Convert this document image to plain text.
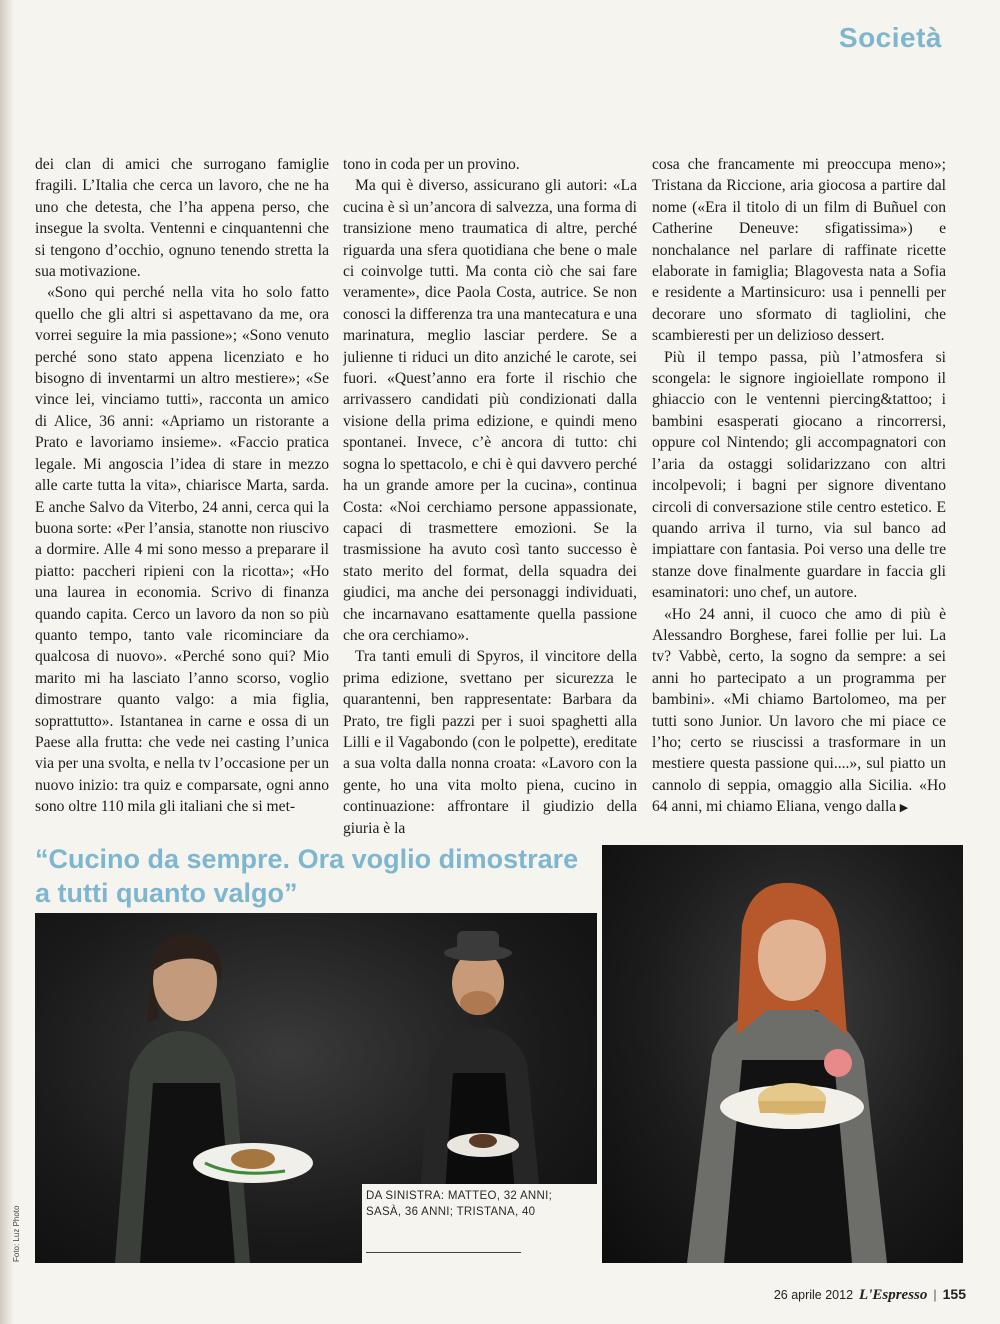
Società

dei clan di amici che surrogano famiglie fragili. L’Italia che cerca un lavoro, che ne ha uno che detesta, che l’ha appena perso, che insegue la svolta. Ventenni e cinquantenni che si tengono d’occhio, ognuno tenendo stretta la sua motivazione.

«Sono qui perché nella vita ho solo fatto quello che gli altri si aspettavano da me, ora vorrei seguire la mia passione»; «Sono venuto perché sono stato appena licenziato e ho bisogno di inventarmi un altro mestiere»; «Se vince lei, vinciamo tutti», racconta un amico di Alice, 36 anni: «Apriamo un ristorante a Prato e lavoriamo insieme». «Faccio pratica legale. Mi angoscia l’idea di stare in mezzo alle carte tutta la vita», chiarisce Marta, sarda. E anche Salvo da Viterbo, 24 anni, cerca qui la buona sorte: «Per l’ansia, stanotte non riuscivo a dormire. Alle 4 mi sono messo a preparare il piatto: paccheri ripieni con la ricotta»; «Ho una laurea in economia. Scrivo di finanza quando capita. Cerco un lavoro da non so più quanto tempo, tanto vale ricominciare da qualcosa di nuovo». «Perché sono qui? Mio marito mi ha lasciato l’anno scorso, voglio dimostrare quanto valgo: a mia figlia, soprattutto». Istantanea in carne e ossa di un Paese alla frutta: che vede nei casting l’unica via per una svolta, e nella tv l’occasione per un nuovo inizio: tra quiz e comparsate, ogni anno sono oltre 110 mila gli italiani che si met-

tono in coda per un provino.

Ma qui è diverso, assicurano gli autori: «La cucina è sì un’ancora di salvezza, una forma di transizione meno traumatica di altre, perché riguarda una sfera quotidiana che bene o male ci coinvolge tutti. Ma conta ciò che sai fare veramente», dice Paola Costa, autrice. Se non conosci la differenza tra una mantecatura e una marinatura, meglio lasciar perdere. Se a julienne ti riduci un dito anziché le carote, sei fuori. «Quest’anno era forte il rischio che arrivassero candidati più condizionati dalla visione della prima edizione, e quindi meno spontanei. Invece, c’è ancora di tutto: chi sogna lo spettacolo, e chi è qui davvero perché ha un grande amore per la cucina», continua Costa: «Noi cerchiamo persone appassionate, capaci di trasmettere emozioni. Se la trasmissione ha avuto così tanto successo è stato merito del format, della squadra dei giudici, ma anche dei personaggi individuati, che incarnavano esattamente quella passione che ora cerchiamo».

Tra tanti emuli di Spyros, il vincitore della prima edizione, svettano per sicurezza le quarantenni, ben rappresentate: Barbara da Prato, tre figli pazzi per i suoi spaghetti alla Lilli e il Vagabondo (con le polpette), ereditate a sua volta dalla nonna croata: «Lavoro con la gente, ho una vita molto piena, cucino in continuazione: affrontare il giudizio della giuria è la

cosa che francamente mi preoccupa meno»; Tristana da Riccione, aria giocosa a partire dal nome («Era il titolo di un film di Buñuel con Catherine Deneuve: sfigatissima») e nonchalance nel parlare di raffinate ricette elaborate in famiglia; Blagovesta nata a Sofia e residente a Martinsicuro: usa i pennelli per decorare uno sformato di tagliolini, che scambieresti per un delizioso dessert.

Più il tempo passa, più l’atmosfera si scongela: le signore ingioiellate rompono il ghiaccio con le ventenni piercing&tattoo; i bambini esasperati giocano a rincorrersi, oppure col Nintendo; gli accompagnatori con l’aria da ostaggi solidarizzano con altri incolpevoli; i bagni per signore diventano circoli di conversazione stile centro estetico. E quando arriva il turno, via sul banco ad impiattare con fantasia. Poi verso una delle tre stanze dove finalmente guardare in faccia gli esaminatori: uno chef, un autore.

«Ho 24 anni, il cuoco che amo di più è Alessandro Borghese, farei follie per lui. La tv? Vabbè, certo, la sogno da sempre: a sei anni ho partecipato a un programma per bambini». «Mi chiamo Bartolomeo, ma per tutti sono Junior. Un lavoro che mi piace ce l’ho; certo se riuscissi a trasformare in un mestiere questa passione qui....», sul piatto un cannolo di seppia, omaggio alla Sicilia. «Ho 64 anni, mi chiamo Eliana, vengo dalla ▶

“Cucino da sempre. Ora voglio dimostrare a tutti quanto valgo”
DA SINISTRA: MATTEO, 32 ANNI; SASÀ, 36 ANNI; TRISTANA, 40
Foto: Luz Photo
26 aprile 2012 L'Espresso | 155
